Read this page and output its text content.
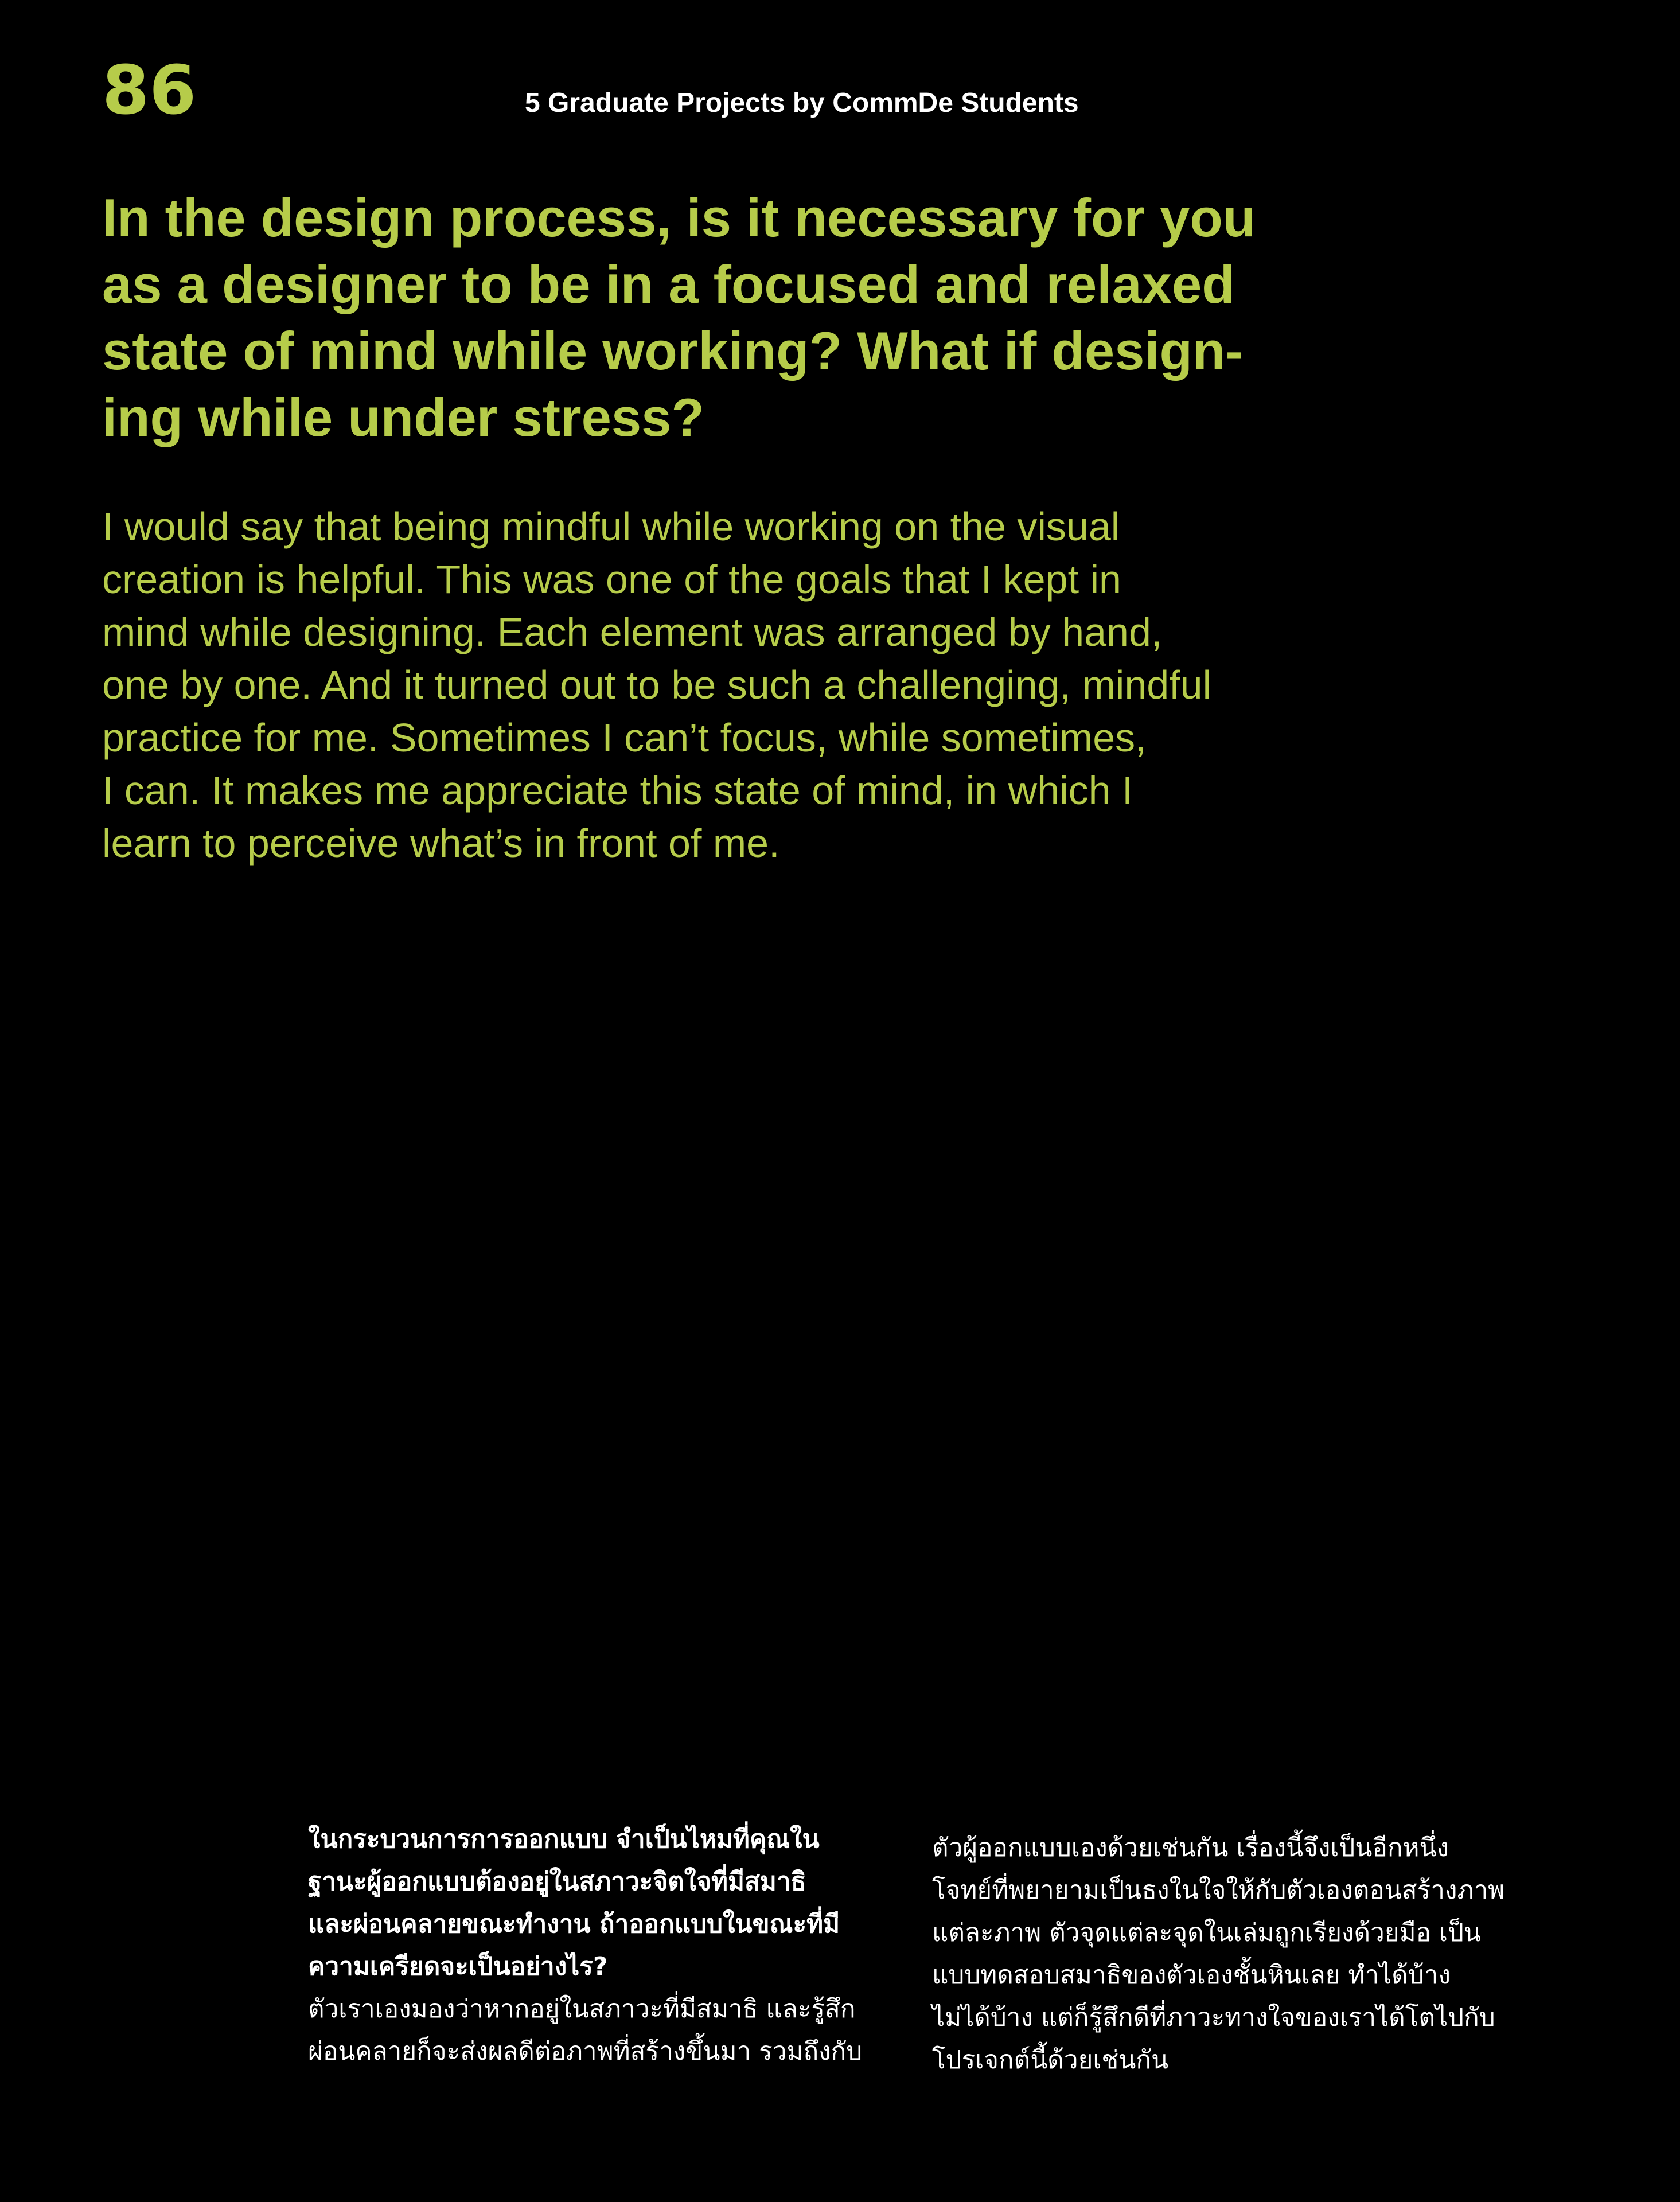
86	5 Graduate Projects by CommDe Students
In the design process, is it necessary for you
as a designer to be in a focused and relaxed
state of mind while working? What if design-
ing while under stress?

I would say that being mindful while working on the visual
creation is helpful. This was one of the goals that I kept in
mind while designing. Each element was arranged by hand,
one by one. And it turned out to be such a challenging, mindful
practice for me. Sometimes I can’t focus, while sometimes,
I can. It makes me appreciate this state of mind, in which I
learn to perceive what’s in front of me.

ในกระบวนการการออกแบบ จำเป็นไหมที่คุณใน
ฐานะผู้ออกแบบต้องอยู่ในสภาวะจิตใจที่มีสมาธิ
และผ่อนคลายขณะทำงาน ถ้าออกแบบในขณะที่มี
ความเครียดจะเป็นอย่างไร?

ตัวเราเองมองว่าหากอยู่ในสภาวะที่มีสมาธิ และรู้สึก
ผ่อนคลายก็จะส่งผลดีต่อภาพที่สร้างขึ้นมา รวมถึงกับ

ตัวผู้ออกแบบเองด้วยเช่นกัน เรื่องนี้จึงเป็นอีกหนึ่ง
โจทย์ที่พยายามเป็นธงในใจให้กับตัวเองตอนสร้างภาพ
แต่ละภาพ ตัวจุดแต่ละจุดในเล่มถูกเรียงด้วยมือ เป็น
แบบทดสอบสมาธิของตัวเองชั้นหินเลย ทำได้บ้าง
ไม่ได้บ้าง แต่ก็รู้สึกดีที่ภาวะทางใจของเราได้โตไปกับ
โปรเจกต์นี้ด้วยเช่นกัน
